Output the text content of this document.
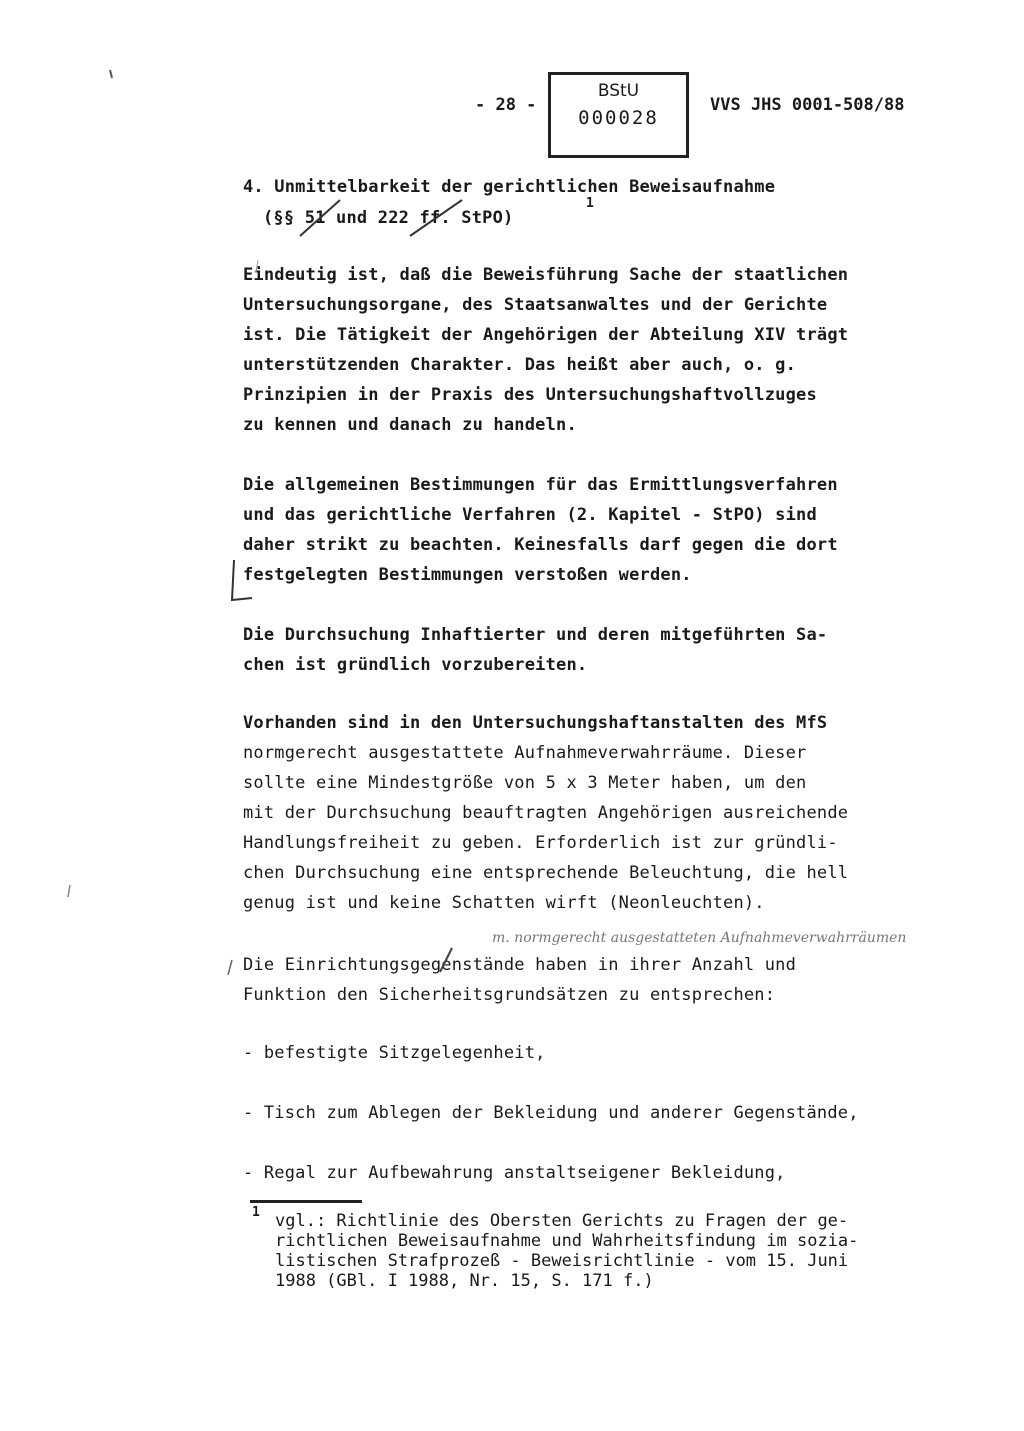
- 28 -
BStU
000028
VVS JHS 0001-508/88
4. Unmittelbarkeit der gerichtlichen Beweisaufnahme
(§§ 51 und 222 ff. StPO)
1
Eindeutig ist, daß die Beweisführung Sache der staatlichen
Untersuchungsorgane, des Staatsanwaltes und der Gerichte
ist. Die Tätigkeit der Angehörigen der Abteilung XIV trägt
unterstützenden Charakter. Das heißt aber auch, o. g.
Prinzipien in der Praxis des Untersuchungshaftvollzuges
zu kennen und danach zu handeln.
Die allgemeinen Bestimmungen für das Ermittlungsverfahren
und das gerichtliche Verfahren (2. Kapitel - StPO) sind
daher strikt zu beachten. Keinesfalls darf gegen die dort
festgelegten Bestimmungen verstoßen werden.
Die Durchsuchung Inhaftierter und deren mitgeführten Sa-
chen ist gründlich vorzubereiten.
Vorhanden sind in den Untersuchungshaftanstalten des MfS
normgerecht ausgestattete Aufnahmeverwahrräume. Dieser
sollte eine Mindestgröße von 5 x 3 Meter haben, um den
mit der Durchsuchung beauftragten Angehörigen ausreichende
Handlungsfreiheit zu geben. Erforderlich ist zur gründli-
chen Durchsuchung eine entsprechende Beleuchtung, die hell
genug ist und keine Schatten wirft (Neonleuchten).
m. normgerecht ausgestatteten Aufnahmeverwahrräumen
Die Einrichtungsgegenstände haben in ihrer Anzahl und
Funktion den Sicherheitsgrundsätzen zu entsprechen:
- befestigte Sitzgelegenheit,
- Tisch zum Ablegen der Bekleidung und anderer Gegenstände,
- Regal zur Aufbewahrung anstaltseigener Bekleidung,
1 vgl.: Richtlinie des Obersten Gerichts zu Fragen der ge-
richtlichen Beweisaufnahme und Wahrheitsfindung im sozia-
listischen Strafprozeß - Beweisrichtlinie - vom 15. Juni
1988 (GBl. I 1988, Nr. 15, S. 171 f.)
